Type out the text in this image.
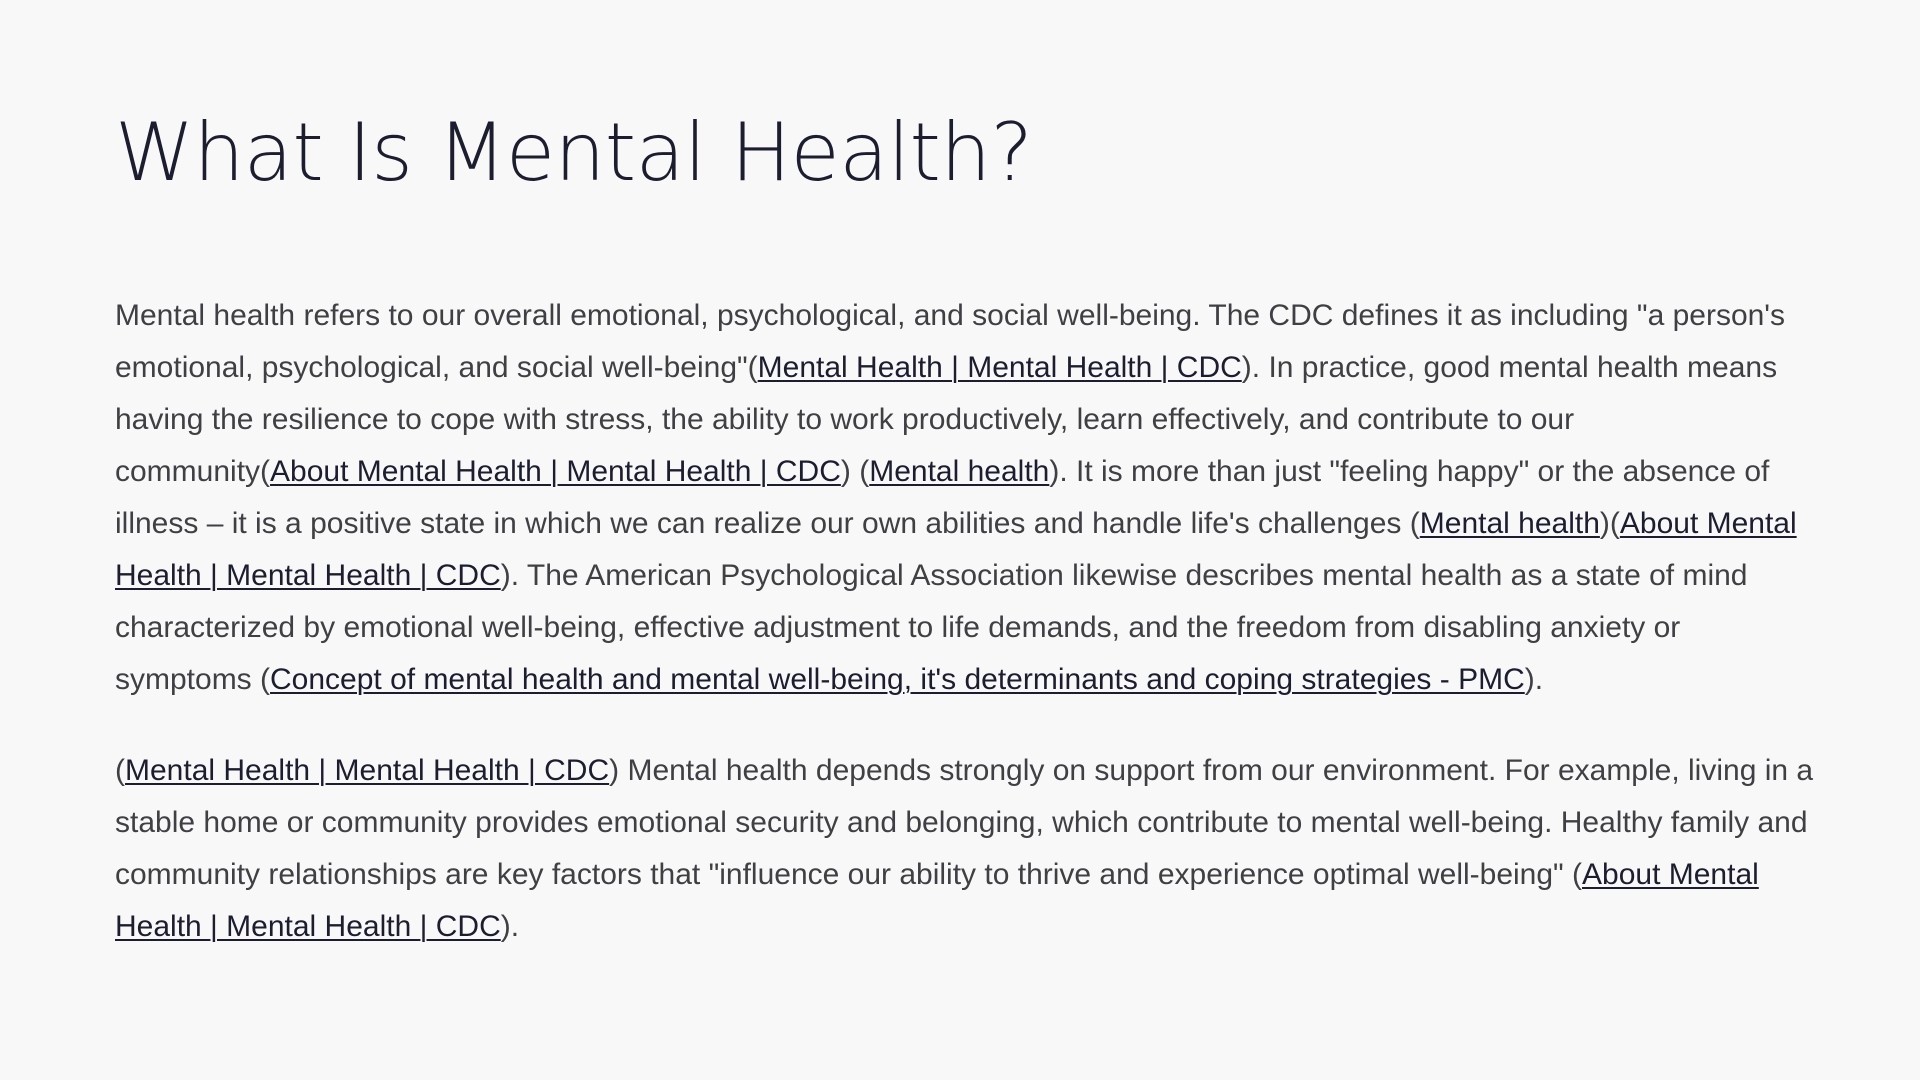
What Is Mental Health?

Mental health refers to our overall emotional, psychological, and social well-being. The CDC defines it as including "a person's emotional, psychological, and social well-being"(Mental Health | Mental Health | CDC). In practice, good mental health means having the resilience to cope with stress, the ability to work productively, learn effectively, and contribute to our community(About Mental Health | Mental Health | CDC) (Mental health). It is more than just "feeling happy" or the absence of illness – it is a positive state in which we can realize our own abilities and handle life's challenges (Mental health)(About Mental Health | Mental Health | CDC). The American Psychological Association likewise describes mental health as a state of mind characterized by emotional well-being, effective adjustment to life demands, and the freedom from disabling anxiety or symptoms (Concept of mental health and mental well-being, it's determinants and coping strategies - PMC).

(Mental Health | Mental Health | CDC) Mental health depends strongly on support from our environment. For example, living in a stable home or community provides emotional security and belonging, which contribute to mental well-being. Healthy family and community relationships are key factors that "influence our ability to thrive and experience optimal well-being" (About Mental Health | Mental Health | CDC).
